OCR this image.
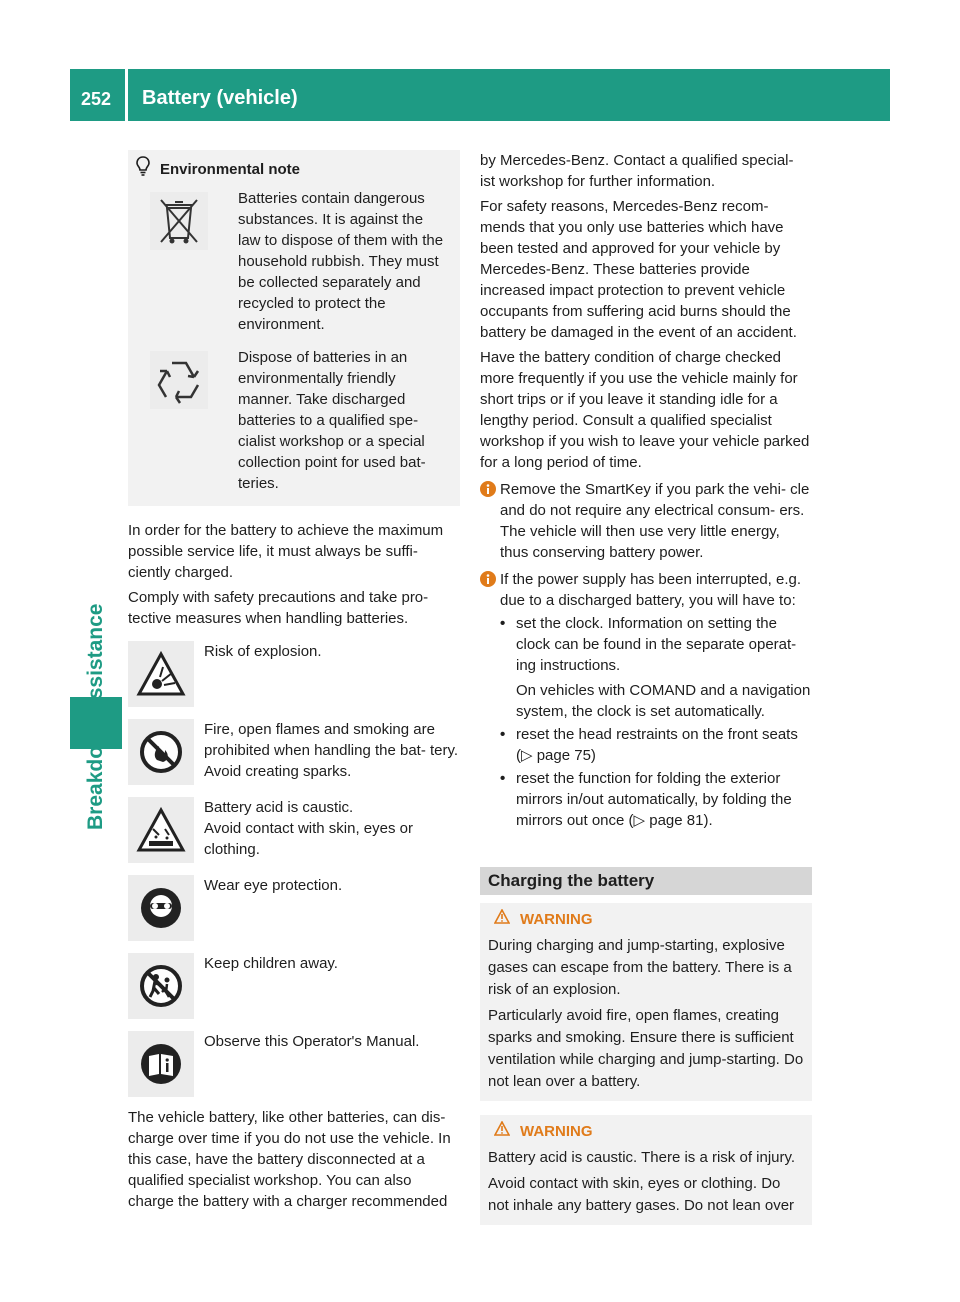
252 Battery (vehicle)
Environmental note
Batteries contain dangerous substances. It is against the law to dispose of them with the household rubbish. They must be collected separately and recycled to protect the environment.
Dispose of batteries in an environmentally friendly manner. Take discharged batteries to a qualified spe- cialist workshop or a special collection point for used bat- teries.

In order for the battery to achieve the maximum possible service life, it must always be suffi- ciently charged.

Comply with safety precautions and take pro- tective measures when handling batteries.

Risk of explosion.
Fire, open flames and smoking are prohibited when handling the bat- tery. Avoid creating sparks.
Battery acid is caustic.
Avoid contact with skin, eyes or clothing.
Wear eye protection.
Keep children away.
Observe this Operator's Manual.

The vehicle battery, like other batteries, can dis- charge over time if you do not use the vehicle. In this case, have the battery disconnected at a qualified specialist workshop. You can also charge the battery with a charger recommended

by Mercedes-Benz. Contact a qualified special- ist workshop for further information.

For safety reasons, Mercedes-Benz recom- mends that you only use batteries which have been tested and approved for your vehicle by Mercedes-Benz. These batteries provide increased impact protection to prevent vehicle occupants from suffering acid burns should the battery be damaged in the event of an accident.

Have the battery condition of charge checked more frequently if you use the vehicle mainly for short trips or if you leave it standing idle for a lengthy period. Consult a qualified specialist workshop if you wish to leave your vehicle parked for a long period of time.

Remove the SmartKey if you park the vehi- cle and do not require any electrical consum- ers. The vehicle will then use very little energy, thus conserving battery power.
If the power supply has been interrupted, e.g. due to a discharged battery, you will have to:
• set the clock. Information on setting the clock can be found in the separate operat- ing instructions.
On vehicles with COMAND and a navigation system, the clock is set automatically.
• reset the head restraints on the front seats (▷ page 75)
• reset the function for folding the exterior mirrors in/out automatically, by folding the mirrors out once (▷ page 81).
Charging the battery
WARNING
During charging and jump-starting, explosive gases can escape from the battery. There is a risk of an explosion.
Particularly avoid fire, open flames, creating sparks and smoking. Ensure there is sufficient ventilation while charging and jump-starting. Do not lean over a battery.
WARNING
Battery acid is caustic. There is a risk of injury.
Avoid contact with skin, eyes or clothing. Do not inhale any battery gases. Do not lean over
